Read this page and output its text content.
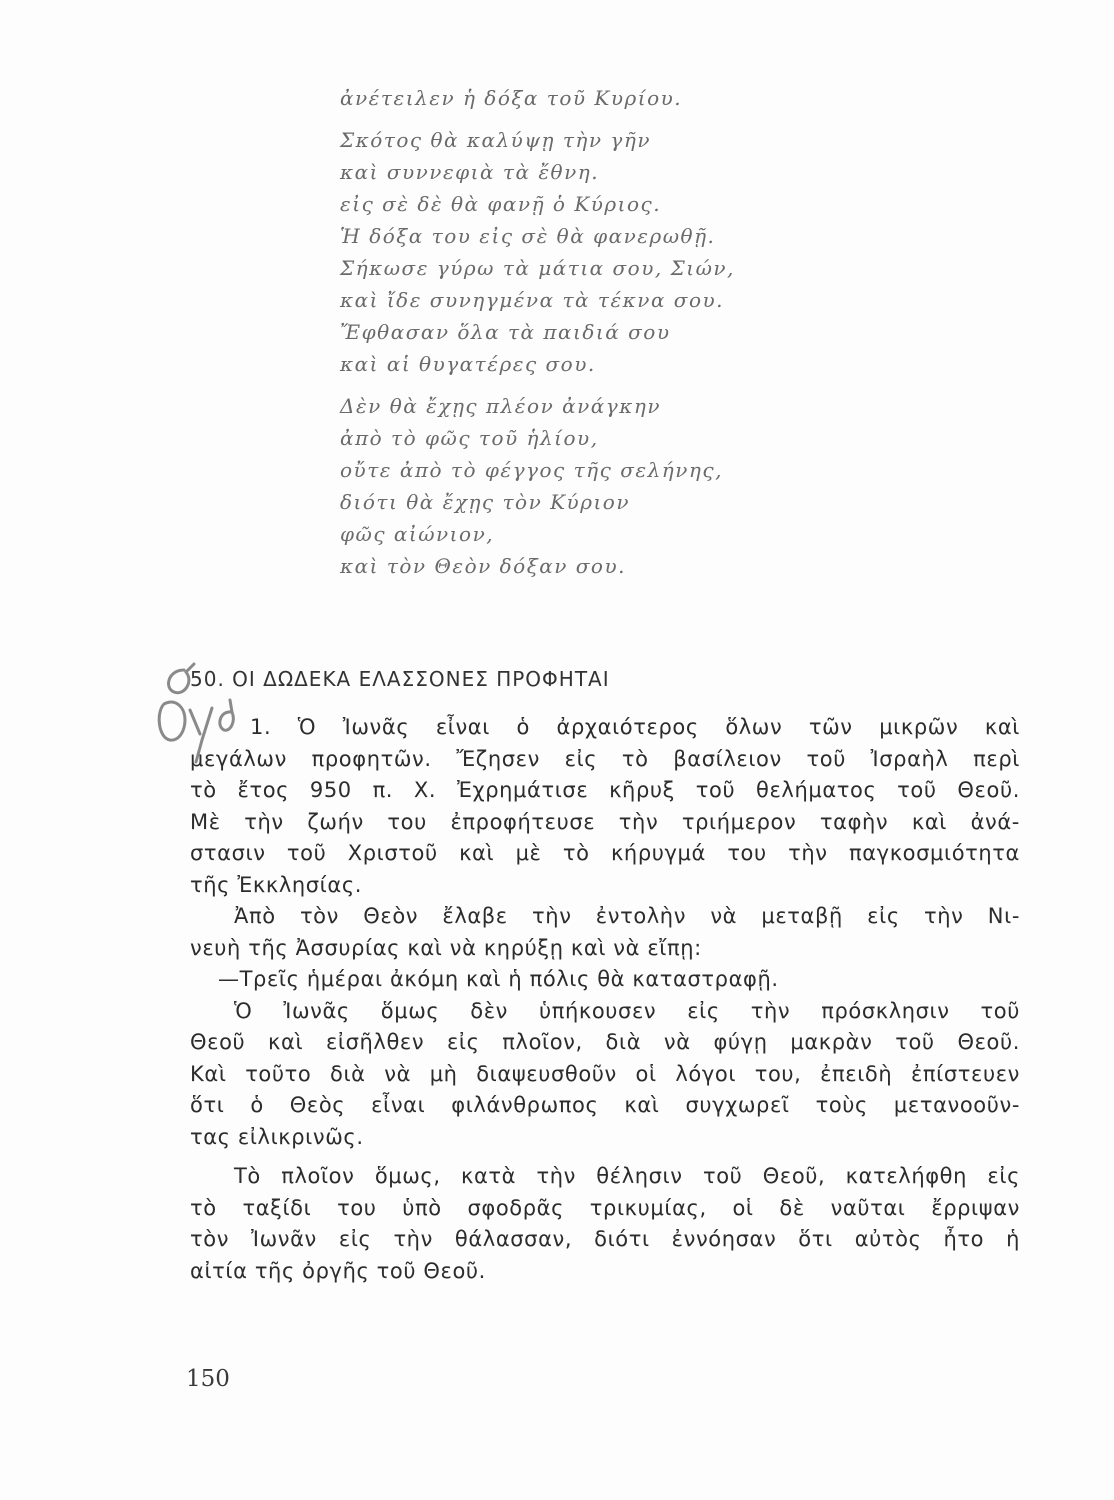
ἀνέτειλεν ἡ δόξα τοῦ Κυρίου.
Σκότος θὰ καλύψῃ τὴν γῆν
καὶ συννεφιὰ τὰ ἔθνη.
εἰς σὲ δὲ θὰ φανῇ ὁ Κύριος.
Ἡ δόξα του εἰς σὲ θὰ φανερωθῇ.
Σήκωσε γύρω τὰ μάτια σου, Σιών,
καὶ ἴδε συνηγμένα τὰ τέκνα σου.
Ἔφθασαν ὅλα τὰ παιδιά σου
καὶ αἱ θυγατέρες σου.
Δὲν θὰ ἔχῃς πλέον ἀνάγκην
ἀπὸ τὸ φῶς τοῦ ἡλίου,
οὔτε ἀπὸ τὸ φέγγος τῆς σελήνης,
διότι θὰ ἔχῃς τὸν Κύριον
φῶς αἰώνιον,
καὶ τὸν Θεὸν δόξαν σου.
50. ΟΙ ΔΩΔΕΚΑ ΕΛΑΣΣΟΝΕΣ ΠΡΟΦΗΤΑΙ
1. Ὁ Ἰωνᾶς εἶναι ὁ ἀρχαιότερος ὅλων τῶν μικρῶν καὶ
μεγάλων προφητῶν. Ἔζησεν εἰς τὸ βασίλειον τοῦ Ἰσραὴλ περὶ
τὸ ἔτος 950 π. Χ. Ἐχρημάτισε κῆρυξ τοῦ θελήματος τοῦ Θεοῦ.
Μὲ τὴν ζωήν του ἐπροφήτευσε τὴν τριήμερον ταφὴν καὶ ἀνά-
στασιν τοῦ Χριστοῦ καὶ μὲ τὸ κήρυγμά του τὴν παγκοσμιότητα
τῆς Ἐκκλησίας.
Ἀπὸ τὸν Θεὸν ἔλαβε τὴν ἐντολὴν νὰ μεταβῇ εἰς τὴν Νι-
νευὴ τῆς Ἀσσυρίας καὶ νὰ κηρύξῃ καὶ νὰ εἴπῃ:
—Τρεῖς ἡμέραι ἀκόμη καὶ ἡ πόλις θὰ καταστραφῇ.
Ὁ Ἰωνᾶς ὅμως δὲν ὑπήκουσεν εἰς τὴν πρόσκλησιν τοῦ
Θεοῦ καὶ εἰσῆλθεν εἰς πλοῖον, διὰ νὰ φύγῃ μακρὰν τοῦ Θεοῦ.
Καὶ τοῦτο διὰ νὰ μὴ διαψευσθοῦν οἱ λόγοι του, ἐπειδὴ ἐπίστευεν
ὅτι ὁ Θεὸς εἶναι φιλάνθρωπος καὶ συγχωρεῖ τοὺς μετανοοῦν-
τας εἰλικρινῶς.
Τὸ πλοῖον ὅμως, κατὰ τὴν θέλησιν τοῦ Θεοῦ, κατελήφθη εἰς
τὸ ταξίδι του ὑπὸ σφοδρᾶς τρικυμίας, οἱ δὲ ναῦται ἔρριψαν
τὸν Ἰωνᾶν εἰς τὴν θάλασσαν, διότι ἐννόησαν ὅτι αὐτὸς ἦτο ἡ
αἰτία τῆς ὀργῆς τοῦ Θεοῦ.
150
